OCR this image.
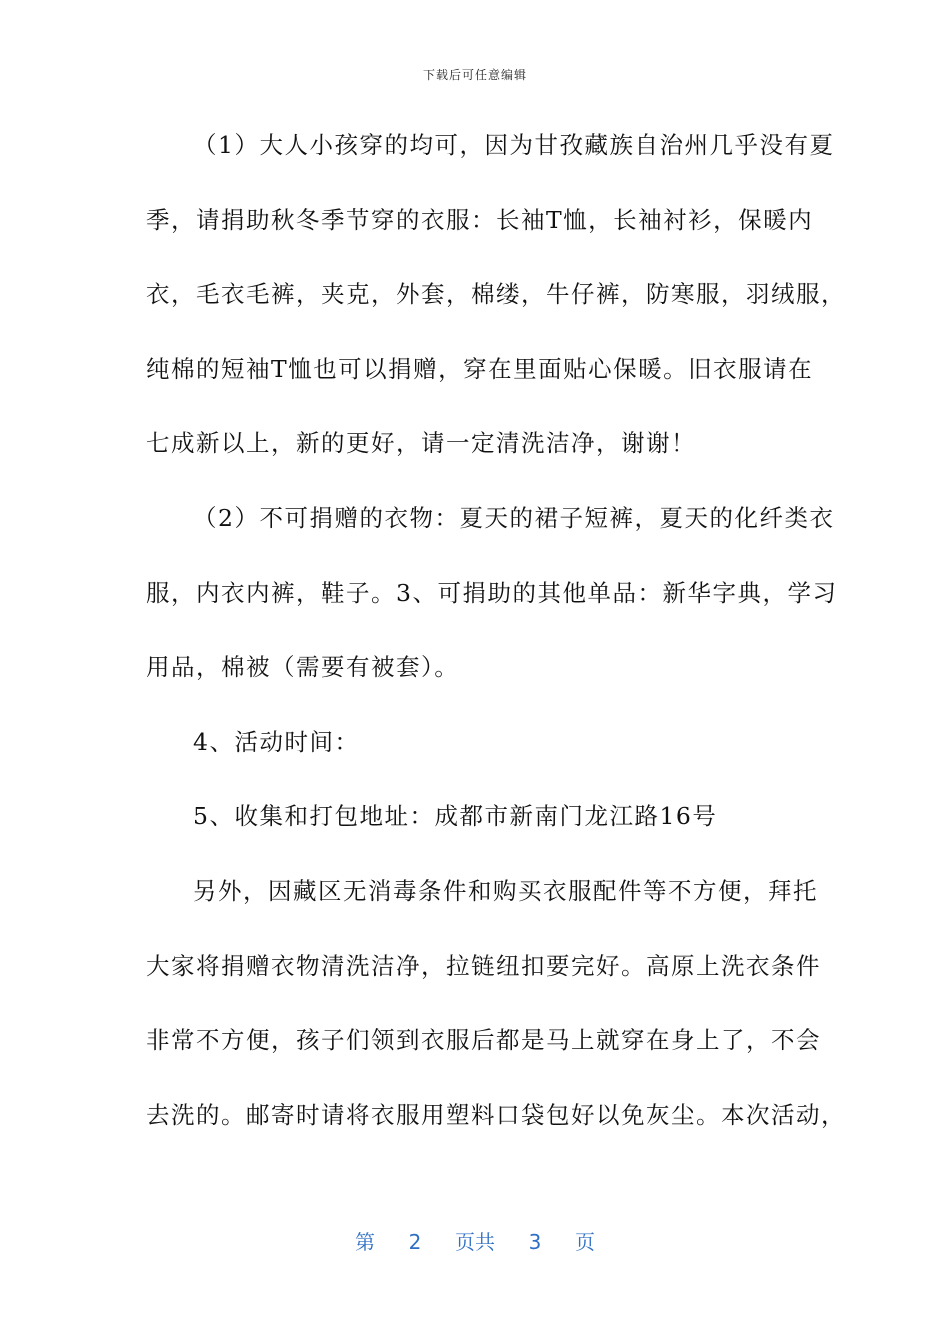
下载后可任意编辑
（1）大人小孩穿的均可，因为甘孜藏族自治州几乎没有夏
季，请捐助秋冬季节穿的衣服：长袖T恤，长袖衬衫，保暖内
衣，毛衣毛裤，夹克，外套，棉缕，牛仔裤，防寒服，羽绒服，
纯棉的短袖T恤也可以捐赠，穿在里面贴心保暖。旧衣服请在
七成新以上，新的更好，请一定清洗洁净，谢谢！
（2）不可捐赠的衣物：夏天的裙子短裤，夏天的化纤类衣
服，内衣内裤，鞋子。3、可捐助的其他单品：新华字典，学习
用品，棉被（需要有被套）。
4、活动时间：
5、收集和打包地址：成都市新南门龙江路16号
另外，因藏区无消毒条件和购买衣服配件等不方便，拜托
大家将捐赠衣物清洗洁净，拉链纽扣要完好。高原上洗衣条件
非常不方便，孩子们领到衣服后都是马上就穿在身上了，不会
去洗的。邮寄时请将衣服用塑料口袋包好以免灰尘。本次活动，
第 2 页共 3 页
